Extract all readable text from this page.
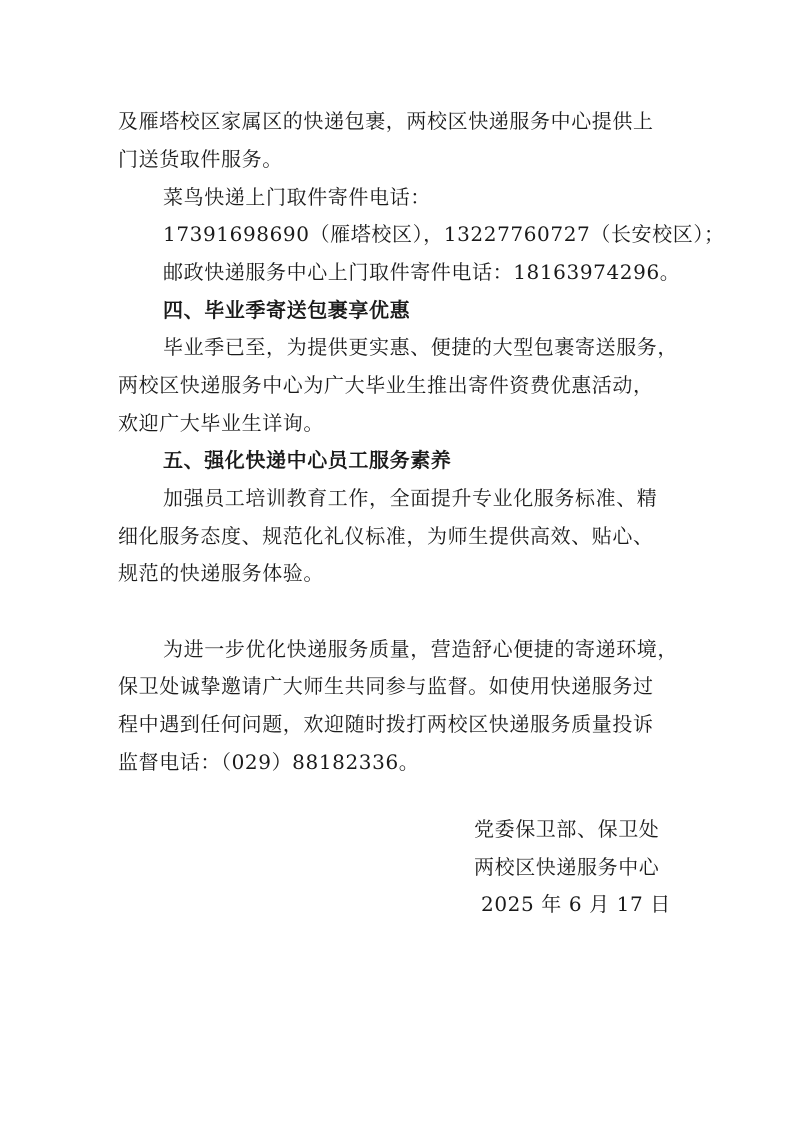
及雁塔校区家属区的快递包裹，两校区快递服务中心提供上
门送货取件服务。
菜鸟快递上门取件寄件电话：
17391698690（雁塔校区），13227760727（长安校区）；
邮政快递服务中心上门取件寄件电话：18163974296。
四、毕业季寄送包裹享优惠
毕业季已至，为提供更实惠、便捷的大型包裹寄送服务，
两校区快递服务中心为广大毕业生推出寄件资费优惠活动，
欢迎广大毕业生详询。
五、强化快递中心员工服务素养
加强员工培训教育工作，全面提升专业化服务标准、精
细化服务态度、规范化礼仪标准，为师生提供高效、贴心、
规范的快递服务体验。
为进一步优化快递服务质量，营造舒心便捷的寄递环境，
保卫处诚挚邀请广大师生共同参与监督。如使用快递服务过
程中遇到任何问题，欢迎随时拨打两校区快递服务质量投诉
监督电话：（029）88182336。
党委保卫部、保卫处
两校区快递服务中心
2025 年 6 月 17 日
